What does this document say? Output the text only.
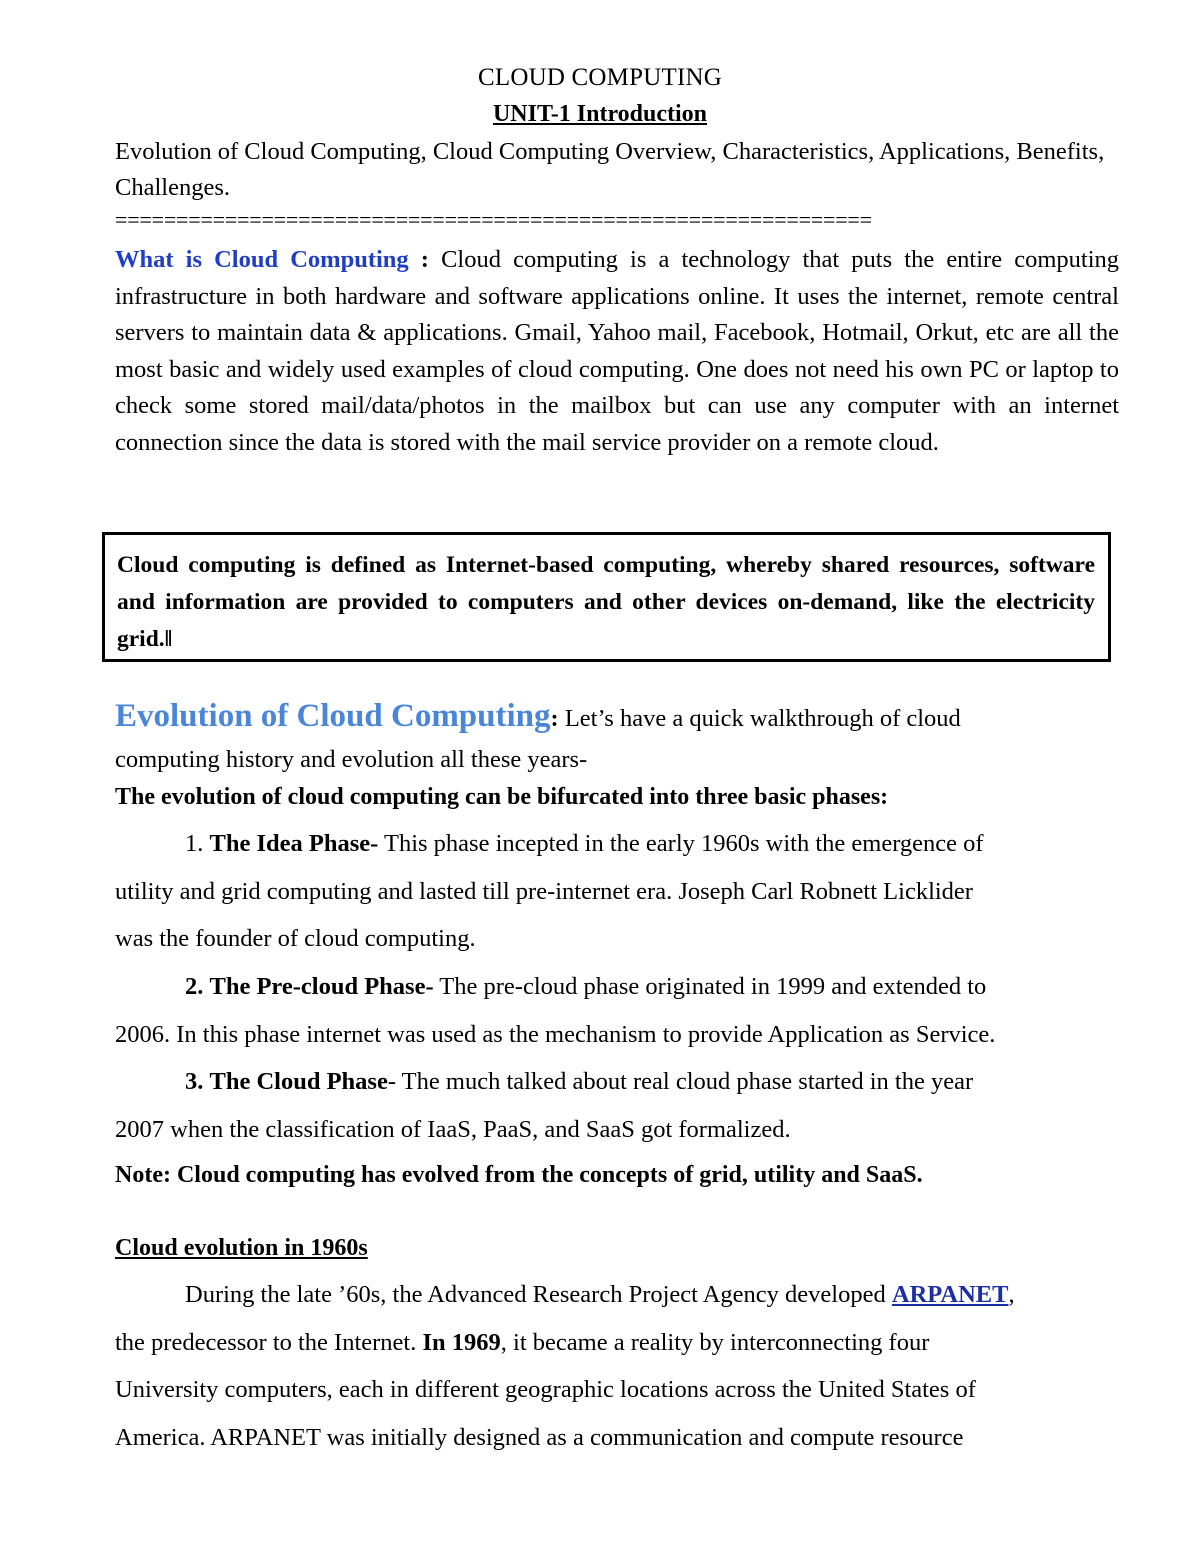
CLOUD COMPUTING
UNIT-1 Introduction
Evolution of Cloud Computing, Cloud Computing Overview, Characteristics, Applications, Benefits, Challenges.
==============================================================
What is Cloud Computing : Cloud computing is a technology that puts the entire computing infrastructure in both hardware and software applications online. It uses the internet, remote central servers to maintain data & applications. Gmail, Yahoo mail, Facebook, Hotmail, Orkut, etc are all the most basic and widely used examples of cloud computing. One does not need his own PC or laptop to check some stored mail/data/photos in the mailbox but can use any computer with an internet connection since the data is stored with the mail service provider on a remote cloud.
Cloud computing is defined as Internet-based computing, whereby shared resources, software and information are provided to computers and other devices on-demand, like the electricity grid.‖
Evolution of Cloud Computing: Let’s have a quick walkthrough of cloud
computing history and evolution all these years-
The evolution of cloud computing can be bifurcated into three basic phases:
1. The Idea Phase- This phase incepted in the early 1960s with the emergence of
utility and grid computing and lasted till pre-internet era. Joseph Carl Robnett Licklider
was the founder of cloud computing.
2. The Pre-cloud Phase- The pre-cloud phase originated in 1999 and extended to
2006. In this phase internet was used as the mechanism to provide Application as Service.
3. The Cloud Phase- The much talked about real cloud phase started in the year
2007 when the classification of IaaS, PaaS, and SaaS got formalized.
Note: Cloud computing has evolved from the concepts of grid, utility and SaaS.
Cloud evolution in 1960s
During the late ’60s, the Advanced Research Project Agency developed ARPANET,
the predecessor to the Internet. In 1969, it became a reality by interconnecting four
University computers, each in different geographic locations across the United States of
America. ARPANET was initially designed as a communication and compute resource
